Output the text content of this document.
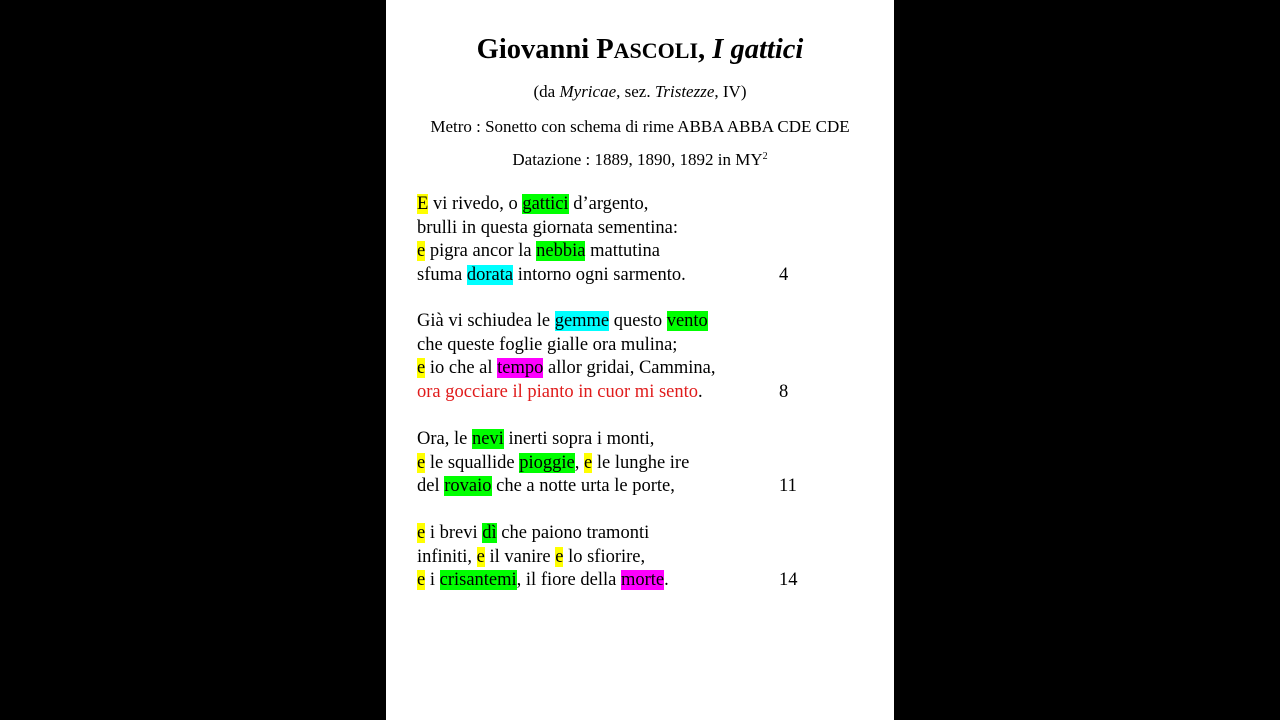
Giovanni PASCOLI, I gattici
(da Myricae, sez. Tristezze, IV)
Metro : Sonetto con schema di rime ABBA ABBA CDE CDE
Datazione : 1889, 1890, 1892 in $MY^2$
E vi rivedo, o gattici d’argento,
brulli in questa giornata sementina:
e pigra ancor la nebbia mattutina
sfuma dorata intorno ogni sarmento.	4
Già vi schiudea le gemme questo vento
che queste foglie gialle ora mulina;
e io che al tempo allor gridai, Cammina,
ora gocciare il pianto in cuor mi sento.	8
Ora, le nevi inerti sopra i monti,
e le squallide pioggie, e le lunghe ire
del rovaio che a notte urta le porte,	11
e i brevi dì che paiono tramonti
infiniti, e il vanire e lo sfiorire,
e i crisantemi, il fiore della morte.	14
